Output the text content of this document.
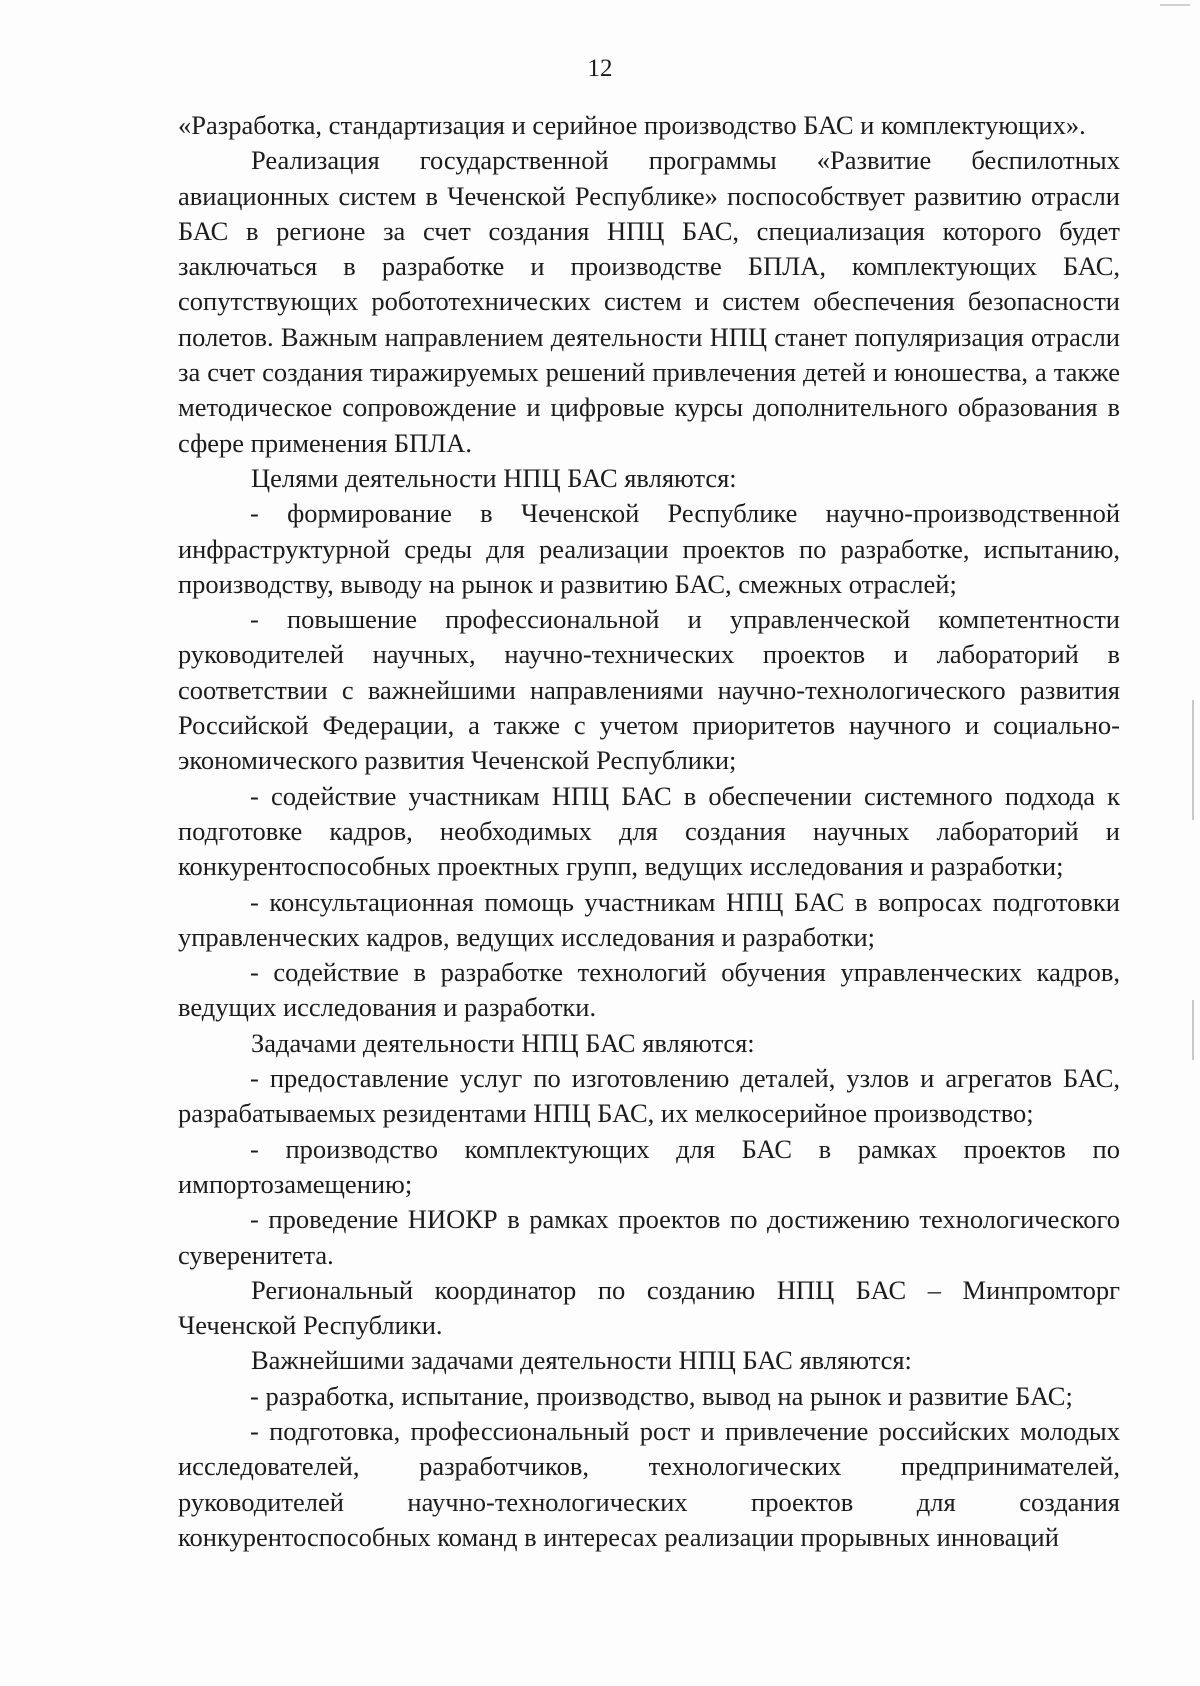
12

«Разработка, стандартизация и серийное производство БАС и комплектующих».

Реализация государственной программы «Развитие беспилотных авиационных систем в Чеченской Республике» поспособствует развитию отрасли БАС в регионе за счет создания НПЦ БАС, специализация которого будет заключаться в разработке и производстве БПЛА, комплектующих БАС, сопутствующих робототехнических систем и систем обеспечения безопасности полетов. Важным направлением деятельности НПЦ станет популяризация отрасли за счет создания тиражируемых решений привлечения детей и юношества, а также методическое сопровождение и цифровые курсы дополнительного образования в сфере применения БПЛА.

Целями деятельности НПЦ БАС являются:

- формирование в Чеченской Республике научно-производственной инфраструктурной среды для реализации проектов по разработке, испытанию, производству, выводу на рынок и развитию БАС, смежных отраслей;

- повышение профессиональной и управленческой компетентности руководителей научных, научно-технических проектов и лабораторий в соответствии с важнейшими направлениями научно-технологического развития Российской Федерации, а также с учетом приоритетов научного и социально-экономического развития Чеченской Республики;

- содействие участникам НПЦ БАС в обеспечении системного подхода к подготовке кадров, необходимых для создания научных лабораторий и конкурентоспособных проектных групп, ведущих исследования и разработки;

- консультационная помощь участникам НПЦ БАС в вопросах подготовки управленческих кадров, ведущих исследования и разработки;

- содействие в разработке технологий обучения управленческих кадров, ведущих исследования и разработки.

Задачами деятельности НПЦ БАС являются:

- предоставление услуг по изготовлению деталей, узлов и агрегатов БАС, разрабатываемых резидентами НПЦ БАС, их мелкосерийное производство;

- производство комплектующих для БАС в рамках проектов по импортозамещению;

- проведение НИОКР в рамках проектов по достижению технологического суверенитета.

Региональный координатор по созданию НПЦ БАС – Минпромторг Чеченской Республики.

Важнейшими задачами деятельности НПЦ БАС являются:

- разработка, испытание, производство, вывод на рынок и развитие БАС;

- подготовка, профессиональный рост и привлечение российских молодых исследователей, разработчиков, технологических предпринимателей, руководителей научно-технологических проектов для создания конкурентоспособных команд в интересах реализации прорывных инноваций
